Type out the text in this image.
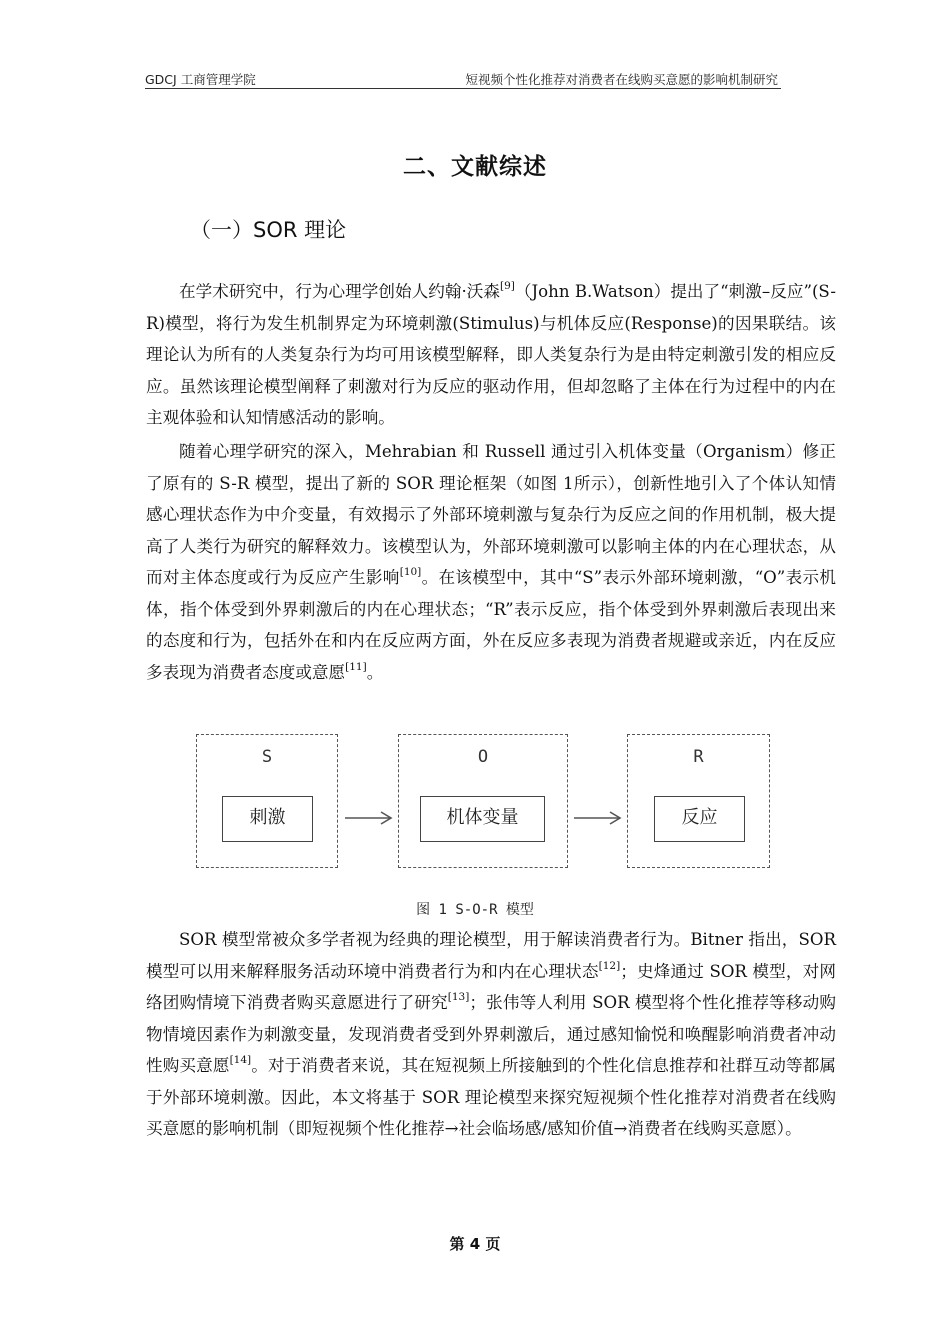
GDCJ 工商管理学院	短视频个性化推荐对消费者在线购买意愿的影响机制研究
二、文献综述
（一）SOR 理论

在学术研究中，行为心理学创始人约翰·沃森[9]（John B.Watson）提出了“刺激–反应”(S-R)模型，将行为发生机制界定为环境刺激(Stimulus)与机体反应(Response)的因果联结。该理论认为所有的人类复杂行为均可用该模型解释，即人类复杂行为是由特定刺激引发的相应反应。虽然该理论模型阐释了刺激对行为反应的驱动作用，但却忽略了主体在行为过程中的内在主观体验和认知情感活动的影响。

随着心理学研究的深入，Mehrabian 和 Russell 通过引入机体变量（Organism）修正了原有的 S-R 模型，提出了新的 SOR 理论框架（如图 1所示），创新性地引入了个体认知情感心理状态作为中介变量，有效揭示了外部环境刺激与复杂行为反应之间的作用机制，极大提高了人类行为研究的解释效力。该模型认为，外部环境刺激可以影响主体的内在心理状态，从而对主体态度或行为反应产生影响[10]。在该模型中，其中“S”表示外部环境刺激，“O”表示机体，指个体受到外界刺激后的内在心理状态；“R”表示反应，指个体受到外界刺激后表现出来的态度和行为，包括外在和内在反应两方面，外在反应多表现为消费者规避或亲近，内在反应多表现为消费者态度或意愿[11]。

S
刺激
O
机体变量
R
反应
图 1 S-O-R 模型

SOR 模型常被众多学者视为经典的理论模型，用于解读消费者行为。Bitner 指出，SOR 模型可以用来解释服务活动环境中消费者行为和内在心理状态[12]；史烽通过 SOR 模型，对网络团购情境下消费者购买意愿进行了研究[13]；张伟等人利用 SOR 模型将个性化推荐等移动购物情境因素作为刺激变量，发现消费者受到外界刺激后，通过感知愉悦和唤醒影响消费者冲动性购买意愿[14]。对于消费者来说，其在短视频上所接触到的个性化信息推荐和社群互动等都属于外部环境刺激。因此，本文将基于 SOR 理论模型来探究短视频个性化推荐对消费者在线购买意愿的影响机制（即短视频个性化推荐→社会临场感/感知价值→消费者在线购买意愿）。

第 4 页
